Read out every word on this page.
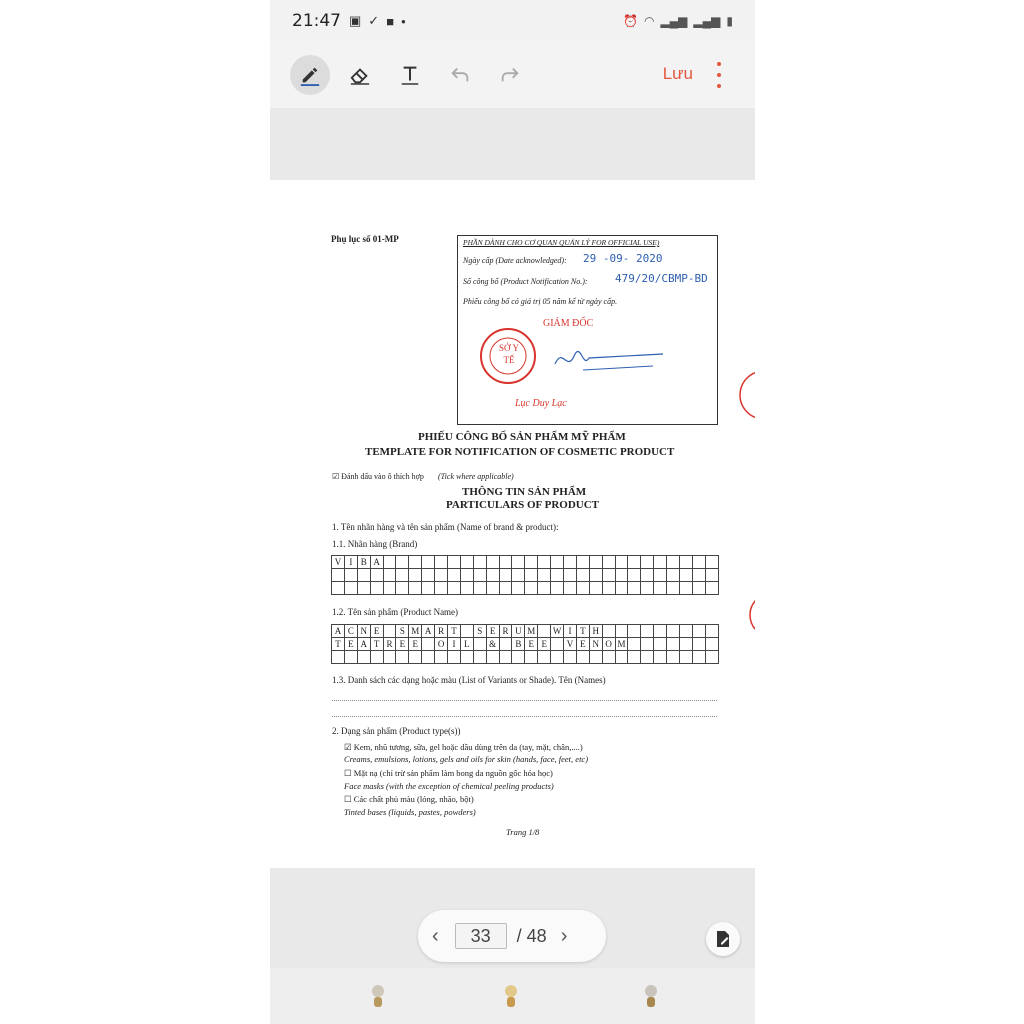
21:47 ▣ ✓ ■ •	⏰ ◠ ▂▄▆ ▂▄▆ ▮
Lưu
Phụ lục số 01-MP	PHẦN DÀNH CHO CƠ QUAN QUẢN LÝ FOR OFFICIAL USE)
Ngày cấp (Date acknowledged): 29 -09- 2020
Số công bố (Product Notification No.): 479/20/CBMP-BD
Phiếu công bố có giá trị 05 năm kể từ ngày cấp.
GIÁM ĐỐC
SỞ Y TẾ
Lục Duy Lạc
PHIẾU CÔNG BỐ SẢN PHẨM MỸ PHẨM
TEMPLATE FOR NOTIFICATION OF COSMETIC PRODUCT
☑ Đánh dấu vào ô thích hợp (Tick where applicable)
THÔNG TIN SẢN PHẨM
PARTICULARS OF PRODUCT
1. Tên nhãn hàng và tên sản phẩm (Name of brand & product):
1.1. Nhãn hàng (Brand)
V I B A
1.2. Tên sản phẩm (Product Name)
A C N E	S M A R T	S E R U M	W I T H
T E A T R E E	O I L	&	B E E	V E N O M
1.3. Danh sách các dạng hoặc màu (List of Variants or Shade). Tên (Names)
2. Dạng sản phẩm (Product type(s))
☑ Kem, nhũ tương, sữa, gel hoặc dầu dùng trên da (tay, mặt, chân,....)
Creams, emulsions, lotions, gels and oils for skin (hands, face, feet, etc)
☐ Mặt nạ (chỉ trừ sản phẩm làm bong da nguồn gốc hóa học)
Face masks (with the exception of chemical peeling products)
☐ Các chất phủ màu (lỏng, nhão, bột)
Tinted bases (liquids, pastes, powders)
Trang 1/8
‹	33	/ 48 ›
